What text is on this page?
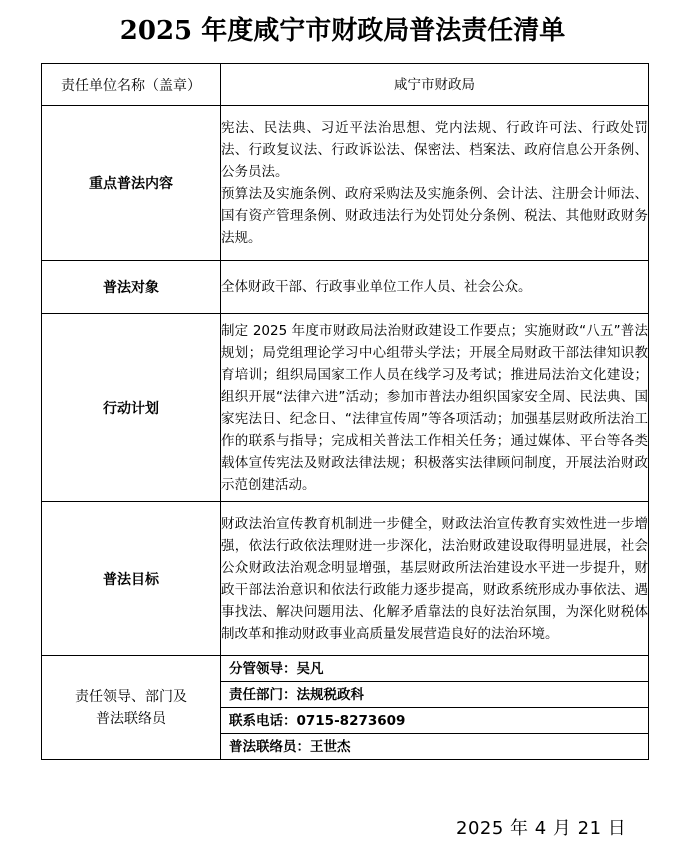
2025 年度咸宁市财政局普法责任清单
责任单位名称（盖章）	咸宁市财政局
重点普法内容	宪法、民法典、习近平法治思想、党内法规、行政许可法、行政处罚法、行政复议法、行政诉讼法、保密法、档案法、政府信息公开条例、公务员法。
预算法及实施条例、政府采购法及实施条例、会计法、注册会计师法、国有资产管理条例、财政违法行为处罚处分条例、税法、其他财政财务法规。

普法对象	全体财政干部、行政事业单位工作人员、社会公众。

行动计划	制定 2025 年度市财政局法治财政建设工作要点；实施财政“八五”普法规划；局党组理论学习中心组带头学法；开展全局财政干部法律知识教育培训；组织局国家工作人员在线学习及考试；推进局法治文化建设；组织开展“法律六进”活动；参加市普法办组织国家安全周、民法典、国家宪法日、纪念日、“法律宣传周”等各项活动；加强基层财政所法治工作的联系与指导；完成相关普法工作相关任务；通过媒体、平台等各类载体宣传宪法及财政法律法规；积极落实法律顾问制度，开展法治财政示范创建活动。

普法目标	财政法治宣传教育机制进一步健全，财政法治宣传教育实效性进一步增强，依法行政依法理财进一步深化，法治财政建设取得明显进展，社会公众财政法治观念明显增强，基层财政所法治建设水平进一步提升，财政干部法治意识和依法行政能力逐步提高，财政系统形成办事依法、遇事找法、解决问题用法、化解矛盾靠法的良好法治氛围，为深化财税体制改革和推动财政事业高质量发展营造良好的法治环境。

责任领导、部门及普法联络员	分管领导：吴凡
	责任部门：法规税政科
	联系电话：0715-8273609
	普法联络员：王世杰
2025 年 4 月 21 日
